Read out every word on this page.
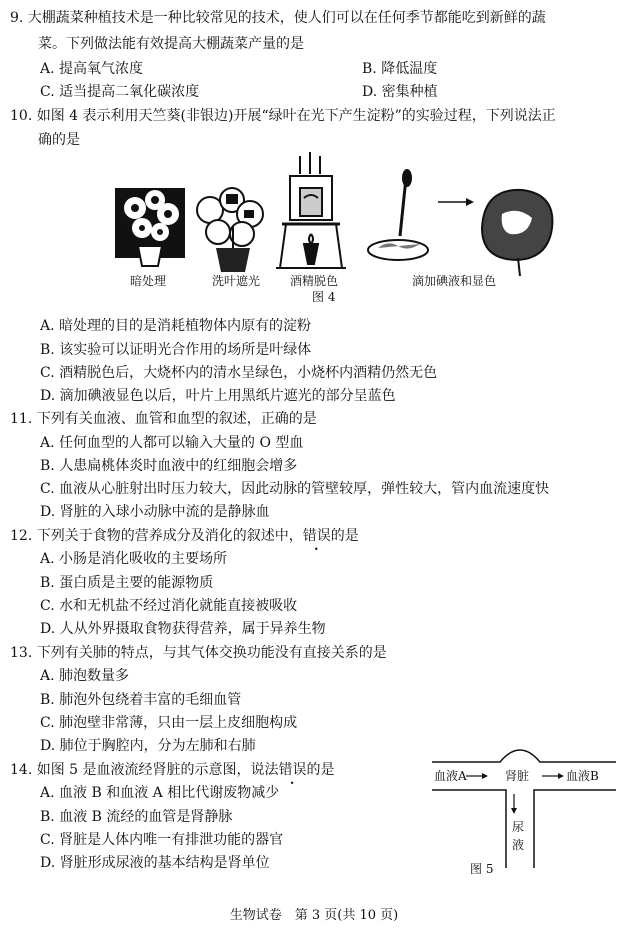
9. 大棚蔬菜种植技术是一种比较常见的技术，使人们可以在任何季节都能吃到新鲜的蔬
菜。下列做法能有效提高大棚蔬菜产量的是
A. 提高氧气浓度	B. 降低温度
C. 适当提高二氧化碳浓度	D. 密集种植
10. 如图 4 表示利用天竺葵(非银边)开展“绿叶在光下产生淀粉”的实验过程，下列说法正
确的是
暗处理	洗叶遮光 酒精脱色	滴加碘液和显色
图 4
A. 暗处理的目的是消耗植物体内原有的淀粉
B. 该实验可以证明光合作用的场所是叶绿体
C. 酒精脱色后，大烧杯内的清水呈绿色，小烧杯内酒精仍然无色
D. 滴加碘液显色以后，叶片上用黑纸片遮光的部分呈蓝色
11. 下列有关血液、血管和血型的叙述，正确的是
A. 任何血型的人都可以输入大量的 O 型血
B. 人患扁桃体炎时血液中的红细胞会增多
C. 血液从心脏射出时压力较大，因此动脉的管壁较厚，弹性较大，管内血流速度快
D. 肾脏的入球小动脉中流的是静脉血
12. 下列关于食物的营养成分及消化的叙述中，错误的是
A. 小肠是消化吸收的主要场所
B. 蛋白质是主要的能源物质
C. 水和无机盐不经过消化就能直接被吸收
D. 人从外界摄取食物获得营养，属于异养生物
13. 下列有关肺的特点，与其气体交换功能没有直接关系的是
A. 肺泡数量多
B. 肺泡外包绕着丰富的毛细血管
C. 肺泡壁非常薄，只由一层上皮细胞构成
D. 肺位于胸腔内，分为左肺和右肺
14. 如图 5 是血液流经肾脏的示意图，说法错误的是
A. 血液 B 和血液 A 相比代谢废物减少
B. 血液 B 流经的血管是肾静脉
C. 肾脏是人体内唯一有排泄功能的器官
D. 肾脏形成尿液的基本结构是肾单位
血液A	肾脏	血液B
尿
液
图 5
生物试卷　第 3 页(共 10 页)
